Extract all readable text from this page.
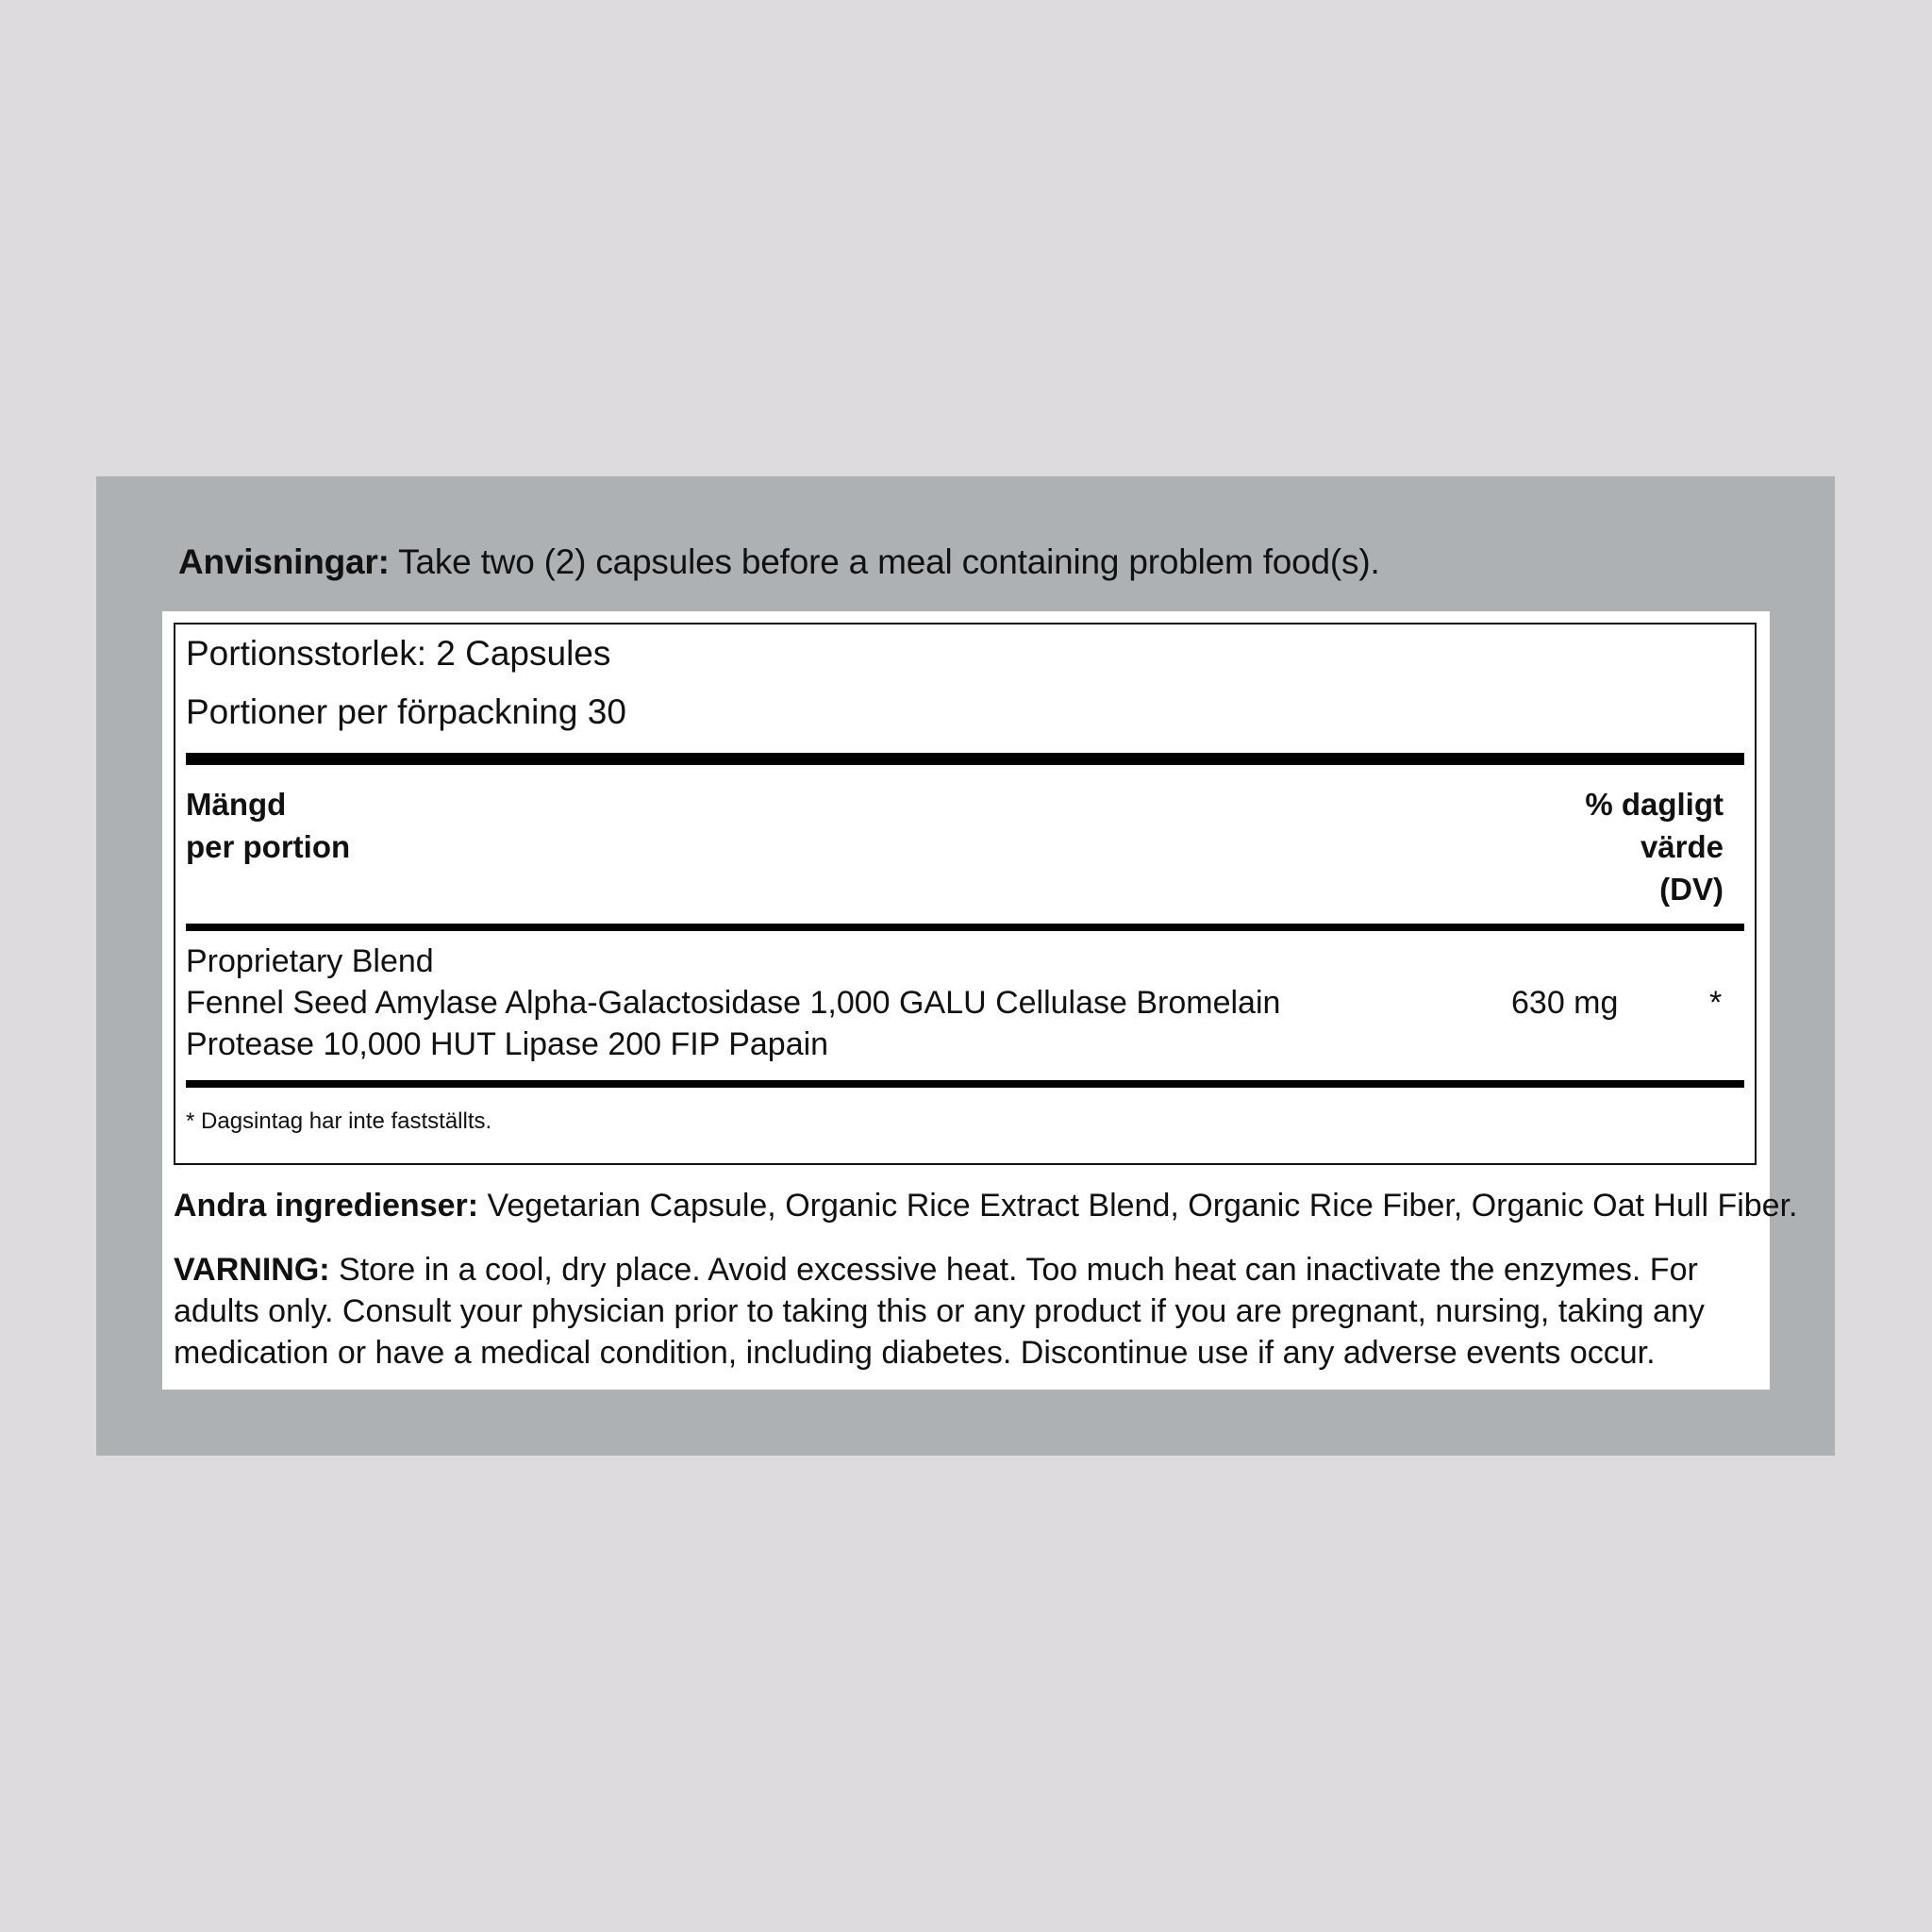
Anvisningar: Take two (2) capsules before a meal containing problem food(s).
Portionsstorlek: 2 Capsules
Portioner per förpackning 30
Mängd
per portion
% dagligt
värde
(DV)
Proprietary Blend
Fennel Seed Amylase Alpha-Galactosidase 1,000 GALU Cellulase Bromelain
Protease 10,000 HUT Lipase 200 FIP Papain
630 mg	*
* Dagsintag har inte fastställts.
Andra ingredienser: Vegetarian Capsule, Organic Rice Extract Blend, Organic Rice Fiber, Organic Oat Hull Fiber.
VARNING: Store in a cool, dry place. Avoid excessive heat. Too much heat can inactivate the enzymes. For adults only. Consult your physician prior to taking this or any product if you are pregnant, nursing, taking any medication or have a medical condition, including diabetes. Discontinue use if any adverse events occur.
